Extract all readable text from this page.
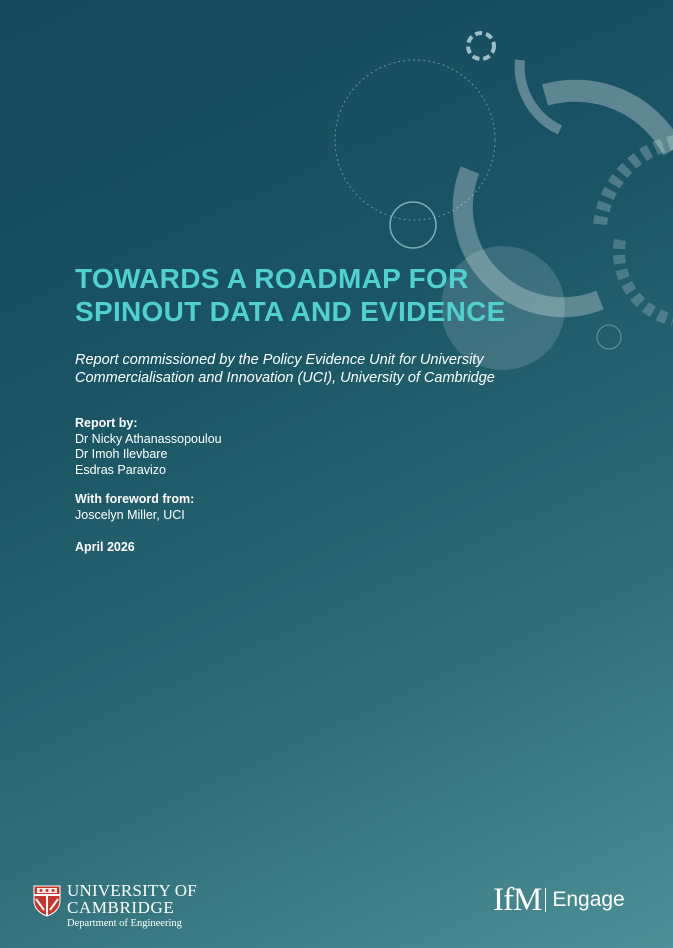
TOWARDS A ROADMAP FOR
SPINOUT DATA AND EVIDENCE

Report commissioned by the Policy Evidence Unit for University
Commercialisation and Innovation (UCI), University of Cambridge

Report by:
Dr Nicky Athanassopoulou
Dr Imoh Ilevbare
Esdras Paravizo
With foreword from:
Joscelyn Miller, UCI
April 2026
UNIVERSITY OF
CAMBRIDGE
Department of Engineering
IfM Engage
